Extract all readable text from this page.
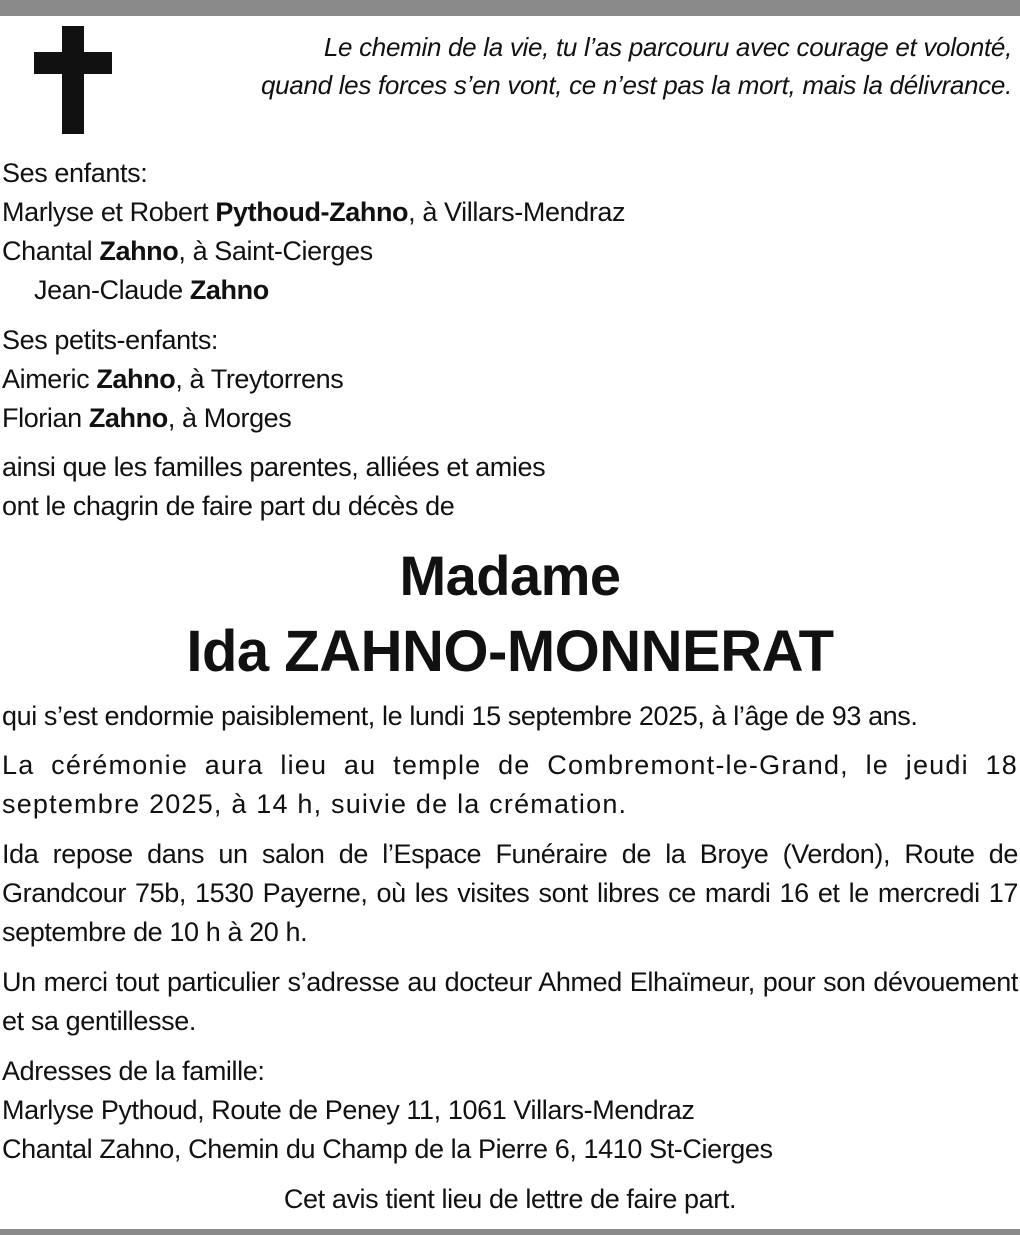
Le chemin de la vie, tu l’as parcouru avec courage et volonté,
quand les forces s’en vont, ce n’est pas la mort, mais la délivrance.
Ses enfants:
Marlyse et Robert Pythoud-Zahno, à Villars-Mendraz
Chantal Zahno, à Saint-Cierges
Jean-Claude Zahno
Ses petits-enfants:
Aimeric Zahno, à Treytorrens
Florian Zahno, à Morges
ainsi que les familles parentes, alliées et amies
ont le chagrin de faire part du décès de
Madame
Ida ZAHNO-MONNERAT
qui s’est endormie paisiblement, le lundi 15 septembre 2025, à l’âge de 93 ans.
La cérémonie aura lieu au temple de Combremont-le-Grand, le jeudi 18 septembre 2025, à 14 h, suivie de la crémation.
Ida repose dans un salon de l’Espace Funéraire de la Broye (Verdon), Route de Grandcour 75b, 1530 Payerne, où les visites sont libres ce mardi 16 et le mercredi 17 septembre de 10 h à 20 h.
Un merci tout particulier s’adresse au docteur Ahmed Elhaïmeur, pour son dévouement et sa gentillesse.
Adresses de la famille:
Marlyse Pythoud, Route de Peney 11, 1061 Villars-Mendraz
Chantal Zahno, Chemin du Champ de la Pierre 6, 1410 St-Cierges
Cet avis tient lieu de lettre de faire part.
